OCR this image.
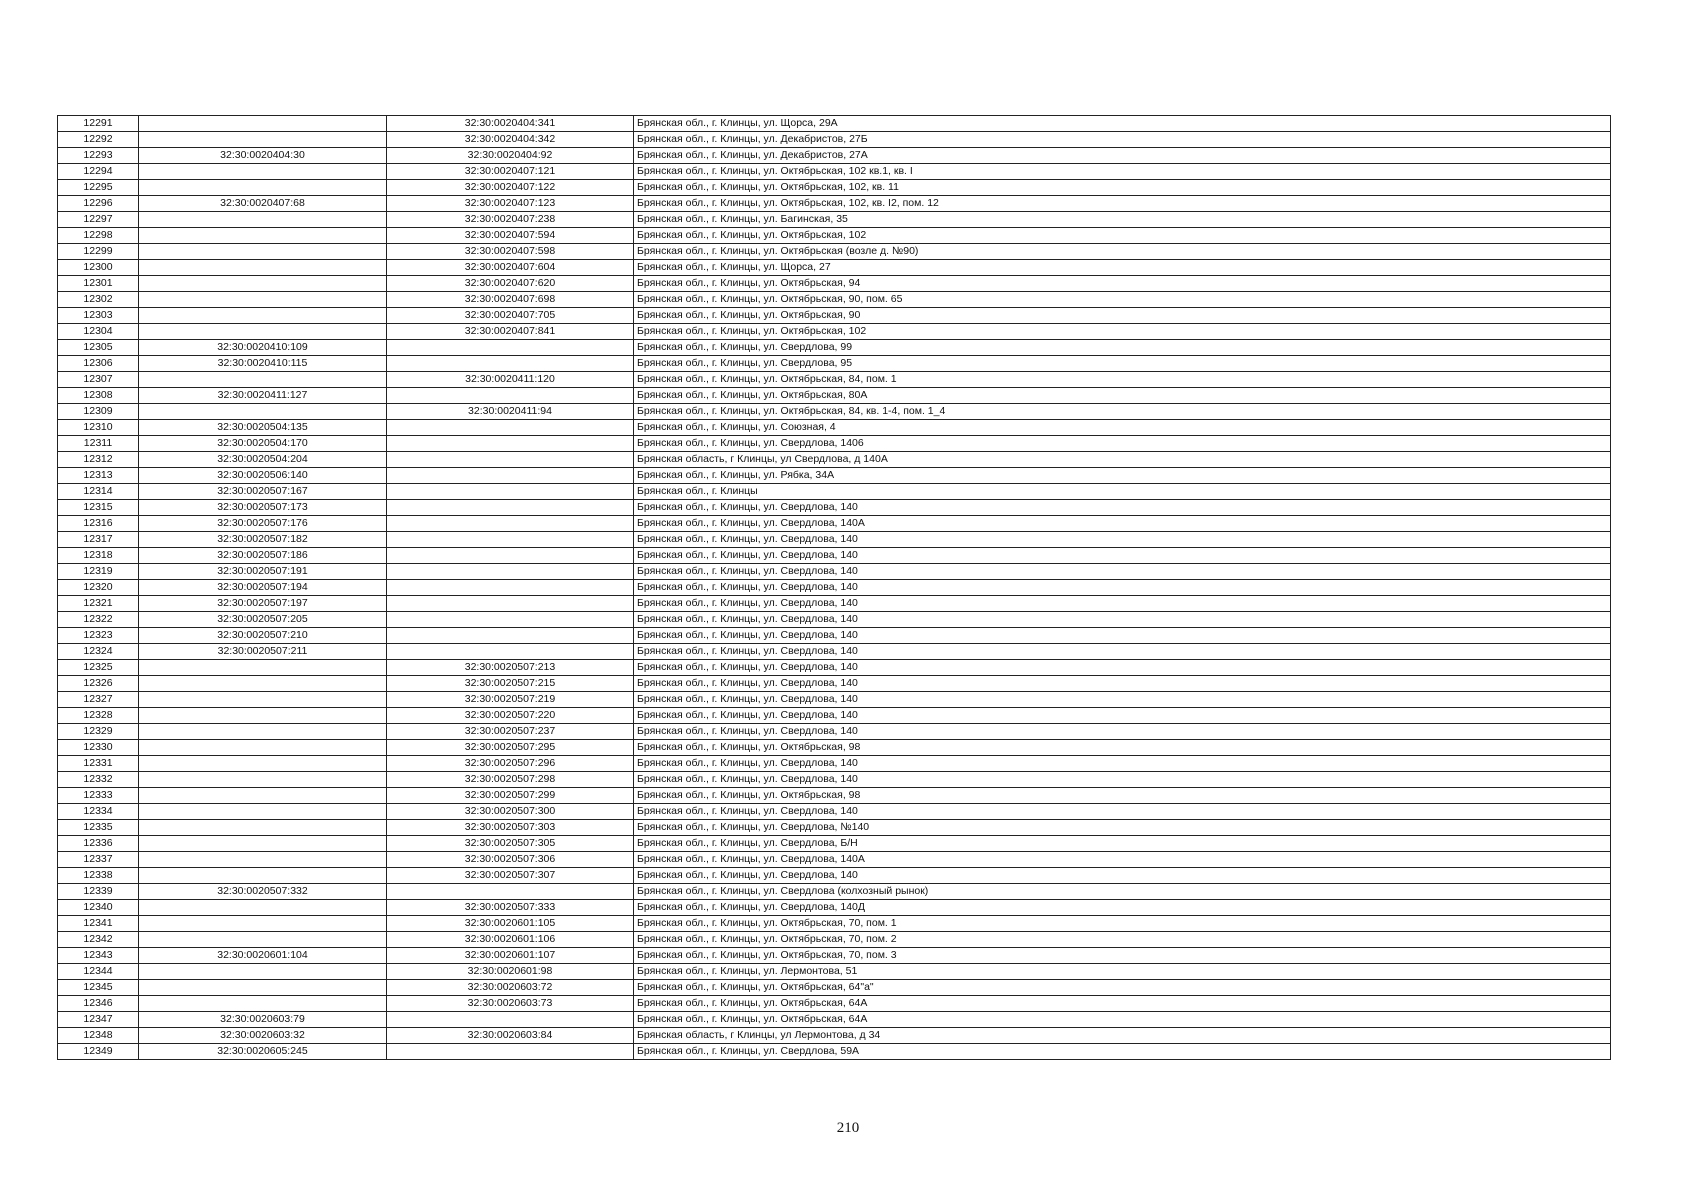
12291		32:30:0020404:341	Брянская обл., г. Клинцы, ул. Щорса, 29А
12292		32:30:0020404:342	Брянская обл., г. Клинцы, ул. Декабристов, 27Б
12293	32:30:0020404:30	32:30:0020404:92	Брянская обл., г. Клинцы, ул. Декабристов, 27А
12294		32:30:0020407:121	Брянская обл., г. Клинцы, ул. Октябрьская, 102 кв.1, кв. I
12295		32:30:0020407:122	Брянская обл., г. Клинцы, ул. Октябрьская, 102, кв. 11
12296	32:30:0020407:68	32:30:0020407:123	Брянская обл., г. Клинцы, ул. Октябрьская, 102, кв. I2, пом. 12
12297		32:30:0020407:238	Брянская обл., г. Клинцы, ул. Багинская, 35
12298		32:30:0020407:594	Брянская обл., г. Клинцы, ул. Октябрьская, 102
12299		32:30:0020407:598	Брянская обл., г. Клинцы, ул. Октябрьская (возле д. №90)
12300		32:30:0020407:604	Брянская обл., г. Клинцы, ул. Щорса, 27
12301		32:30:0020407:620	Брянская обл., г. Клинцы, ул. Октябрьская, 94
12302		32:30:0020407:698	Брянская обл., г. Клинцы, ул. Октябрьская, 90, пом. 65
12303		32:30:0020407:705	Брянская обл., г. Клинцы, ул. Октябрьская, 90
12304		32:30:0020407:841	Брянская обл., г. Клинцы, ул. Октябрьская, 102
12305	32:30:0020410:109		Брянская обл., г. Клинцы, ул. Свердлова, 99
12306	32:30:0020410:115		Брянская обл., г. Клинцы, ул. Свердлова, 95
12307		32:30:0020411:120	Брянская обл., г. Клинцы, ул. Октябрьская, 84, пом. 1
12308	32:30:0020411:127		Брянская обл., г. Клинцы, ул. Октябрьская, 80А
12309		32:30:0020411:94	Брянская обл., г. Клинцы, ул. Октябрьская, 84, кв. 1-4, пом. 1_4
12310	32:30:0020504:135		Брянская обл., г. Клинцы, ул. Союзная, 4
12311	32:30:0020504:170		Брянская обл., г. Клинцы, ул. Свердлова, 1406
12312	32:30:0020504:204		Брянская область, г Клинцы, ул Свердлова, д 140А
12313	32:30:0020506:140		Брянская обл., г. Клинцы, ул. Рябка, 34А
12314	32:30:0020507:167		Брянская обл., г. Клинцы
12315	32:30:0020507:173		Брянская обл., г. Клинцы, ул. Свердлова, 140
12316	32:30:0020507:176		Брянская обл., г. Клинцы, ул. Свердлова, 140А
12317	32:30:0020507:182		Брянская обл., г. Клинцы, ул. Свердлова, 140
12318	32:30:0020507:186		Брянская обл., г. Клинцы, ул. Свердлова, 140
12319	32:30:0020507:191		Брянская обл., г. Клинцы, ул. Свердлова, 140
12320	32:30:0020507:194		Брянская обл., г. Клинцы, ул. Свердлова, 140
12321	32:30:0020507:197		Брянская обл., г. Клинцы, ул. Свердлова, 140
12322	32:30:0020507:205		Брянская обл., г. Клинцы, ул. Свердлова, 140
12323	32:30:0020507:210		Брянская обл., г. Клинцы, ул. Свердлова, 140
12324	32:30:0020507:211		Брянская обл., г. Клинцы, ул. Свердлова, 140
12325		32:30:0020507:213	Брянская обл., г. Клинцы, ул. Свердлова, 140
12326		32:30:0020507:215	Брянская обл., г. Клинцы, ул. Свердлова, 140
12327		32:30:0020507:219	Брянская обл., г. Клинцы, ул. Свердлова, 140
12328		32:30:0020507:220	Брянская обл., г. Клинцы, ул. Свердлова, 140
12329		32:30:0020507:237	Брянская обл., г. Клинцы, ул. Свердлова, 140
12330		32:30:0020507:295	Брянская обл., г. Клинцы, ул. Октябрьская, 98
12331		32:30:0020507:296	Брянская обл., г. Клинцы, ул. Свердлова, 140
12332		32:30:0020507:298	Брянская обл., г. Клинцы, ул. Свердлова, 140
12333		32:30:0020507:299	Брянская обл., г. Клинцы, ул. Октябрьская, 98
12334		32:30:0020507:300	Брянская обл., г. Клинцы, ул. Свердлова, 140
12335		32:30:0020507:303	Брянская обл., г. Клинцы, ул. Свердлова, №140
12336		32:30:0020507:305	Брянская обл., г. Клинцы, ул. Свердлова, Б/Н
12337		32:30:0020507:306	Брянская обл., г. Клинцы, ул. Свердлова, 140А
12338		32:30:0020507:307	Брянская обл., г. Клинцы, ул. Свердлова, 140
12339	32:30:0020507:332		Брянская обл., г. Клинцы, ул. Свердлова (колхозный рынок)
12340		32:30:0020507:333	Брянская обл., г. Клинцы, ул. Свердлова, 140Д
12341		32:30:0020601:105	Брянская обл., г. Клинцы, ул. Октябрьская, 70, пом. 1
12342		32:30:0020601:106	Брянская обл., г. Клинцы, ул. Октябрьская, 70, пом. 2
12343	32:30:0020601:104	32:30:0020601:107	Брянская обл., г. Клинцы, ул. Октябрьская, 70, пом. 3
12344		32:30:0020601:98	Брянская обл., г. Клинцы, ул. Лермонтова, 51
12345		32:30:0020603:72	Брянская обл., г. Клинцы, ул. Октябрьская, 64"а"
12346		32:30:0020603:73	Брянская обл., г. Клинцы, ул. Октябрьская, 64А
12347	32:30:0020603:79		Брянская обл., г. Клинцы, ул. Октябрьская, 64А
12348	32:30:0020603:32	32:30:0020603:84	Брянская область, г Клинцы, ул Лермонтова, д 34
12349	32:30:0020605:245		Брянская обл., г. Клинцы, ул. Свердлова, 59А
210
